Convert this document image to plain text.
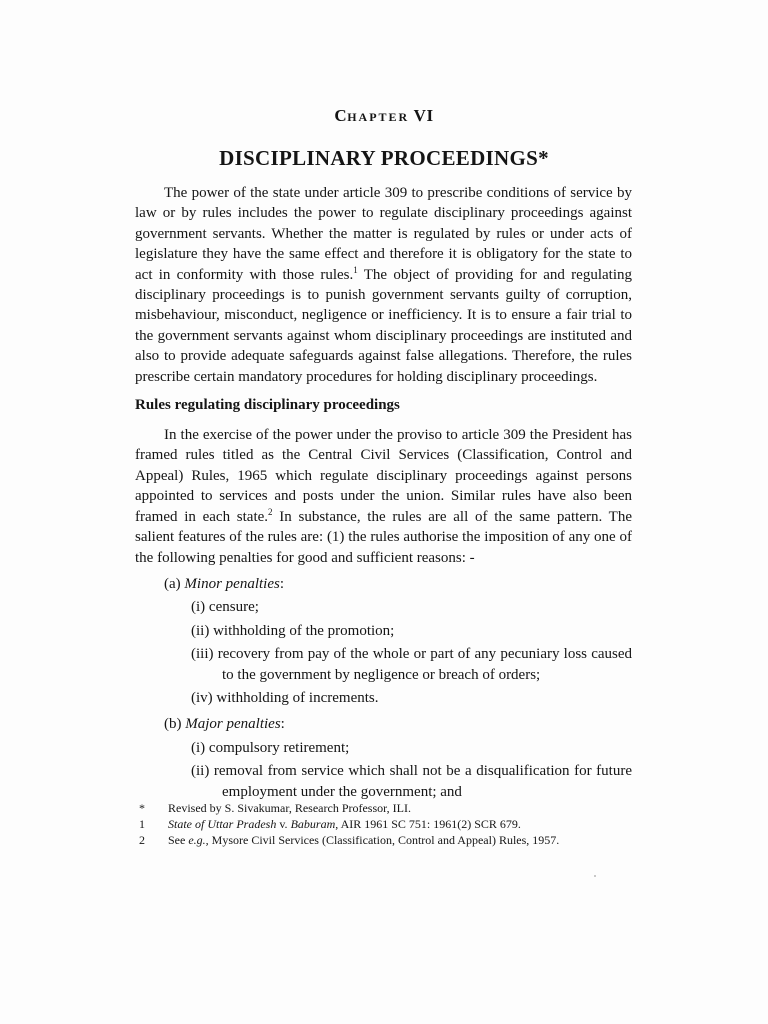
CHAPTER VI
DISCIPLINARY PROCEEDINGS*

The power of the state under article 309 to prescribe conditions of service by law or by rules includes the power to regulate disciplinary proceedings against government servants. Whether the matter is regulated by rules or under acts of legislature they have the same effect and therefore it is obligatory for the state to act in conformity with those rules.$^1$ The object of providing for and regulating disciplinary proceedings is to punish government servants guilty of corruption, misbehaviour, misconduct, negligence or inefficiency. It is to ensure a fair trial to the government servants against whom disciplinary proceedings are instituted and also to provide adequate safeguards against false allegations. Therefore, the rules prescribe certain mandatory procedures for holding disciplinary proceedings.

Rules regulating disciplinary proceedings

In the exercise of the power under the proviso to article 309 the President has framed rules titled as the Central Civil Services (Classification, Control and Appeal) Rules, 1965 which regulate disciplinary proceedings against persons appointed to services and posts under the union. Similar rules have also been framed in each state.$^2$ In substance, the rules are all of the same pattern. The salient features of the rules are: (1) the rules authorise the imposition of any one of the following penalties for good and sufficient reasons: -

(a) Minor penalties:
(i) censure;
(ii) withholding of the promotion;
(iii) recovery from pay of the whole or part of any pecuniary loss caused to the government by negligence or breach of orders;
(iv) withholding of increments.
(b) Major penalties:
(i) compulsory retirement;
(ii) removal from service which shall not be a disqualification for future employment under the government; and
*	Revised by S. Sivakumar, Research Professor, ILI.
1	State of Uttar Pradesh v. Baburam, AIR 1961 SC 751: 1961(2) SCR 679.
2	See e.g., Mysore Civil Services (Classification, Control and Appeal) Rules, 1957.
